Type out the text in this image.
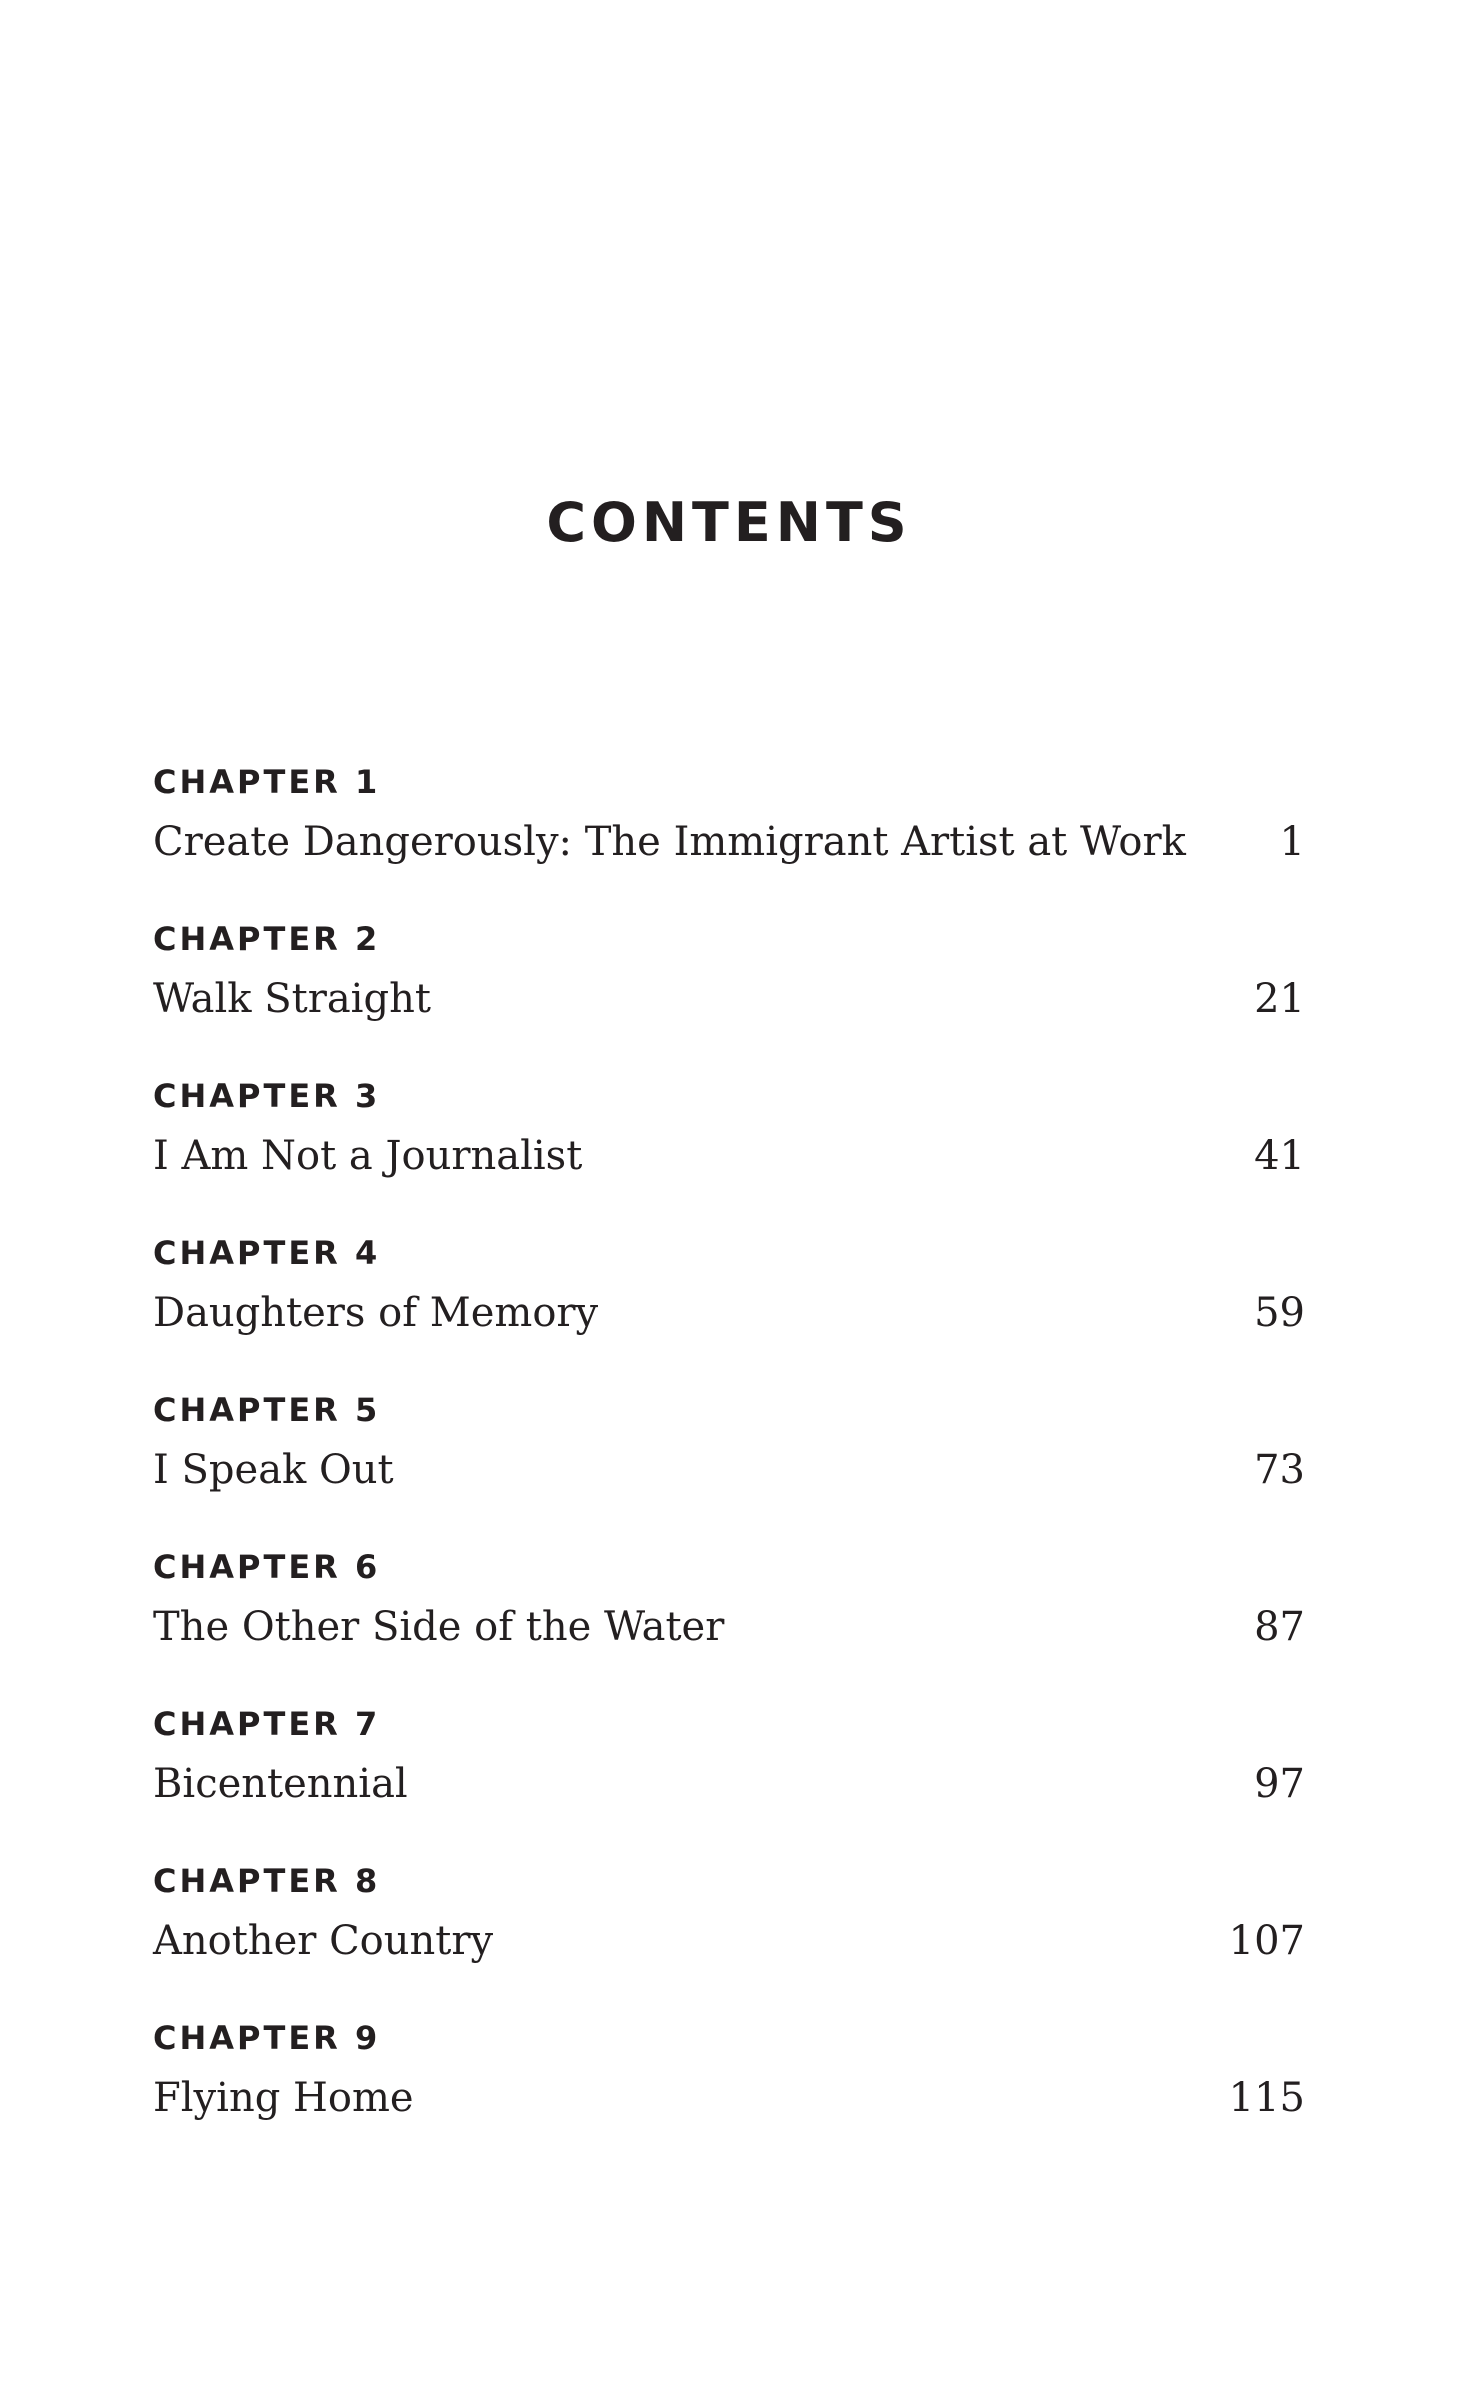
CONTENTS
CHAPTER 1
Create Dangerously: The Immigrant Artist at Work 1
CHAPTER 2
Walk Straight	21
CHAPTER 3
I Am Not a Journalist	41
CHAPTER 4
Daughters of Memory	59
CHAPTER 5
I Speak Out	73
CHAPTER 6
The Other Side of the Water	87
CHAPTER 7
Bicentennial	97
CHAPTER 8
Another Country	107
CHAPTER 9
Flying Home	115
